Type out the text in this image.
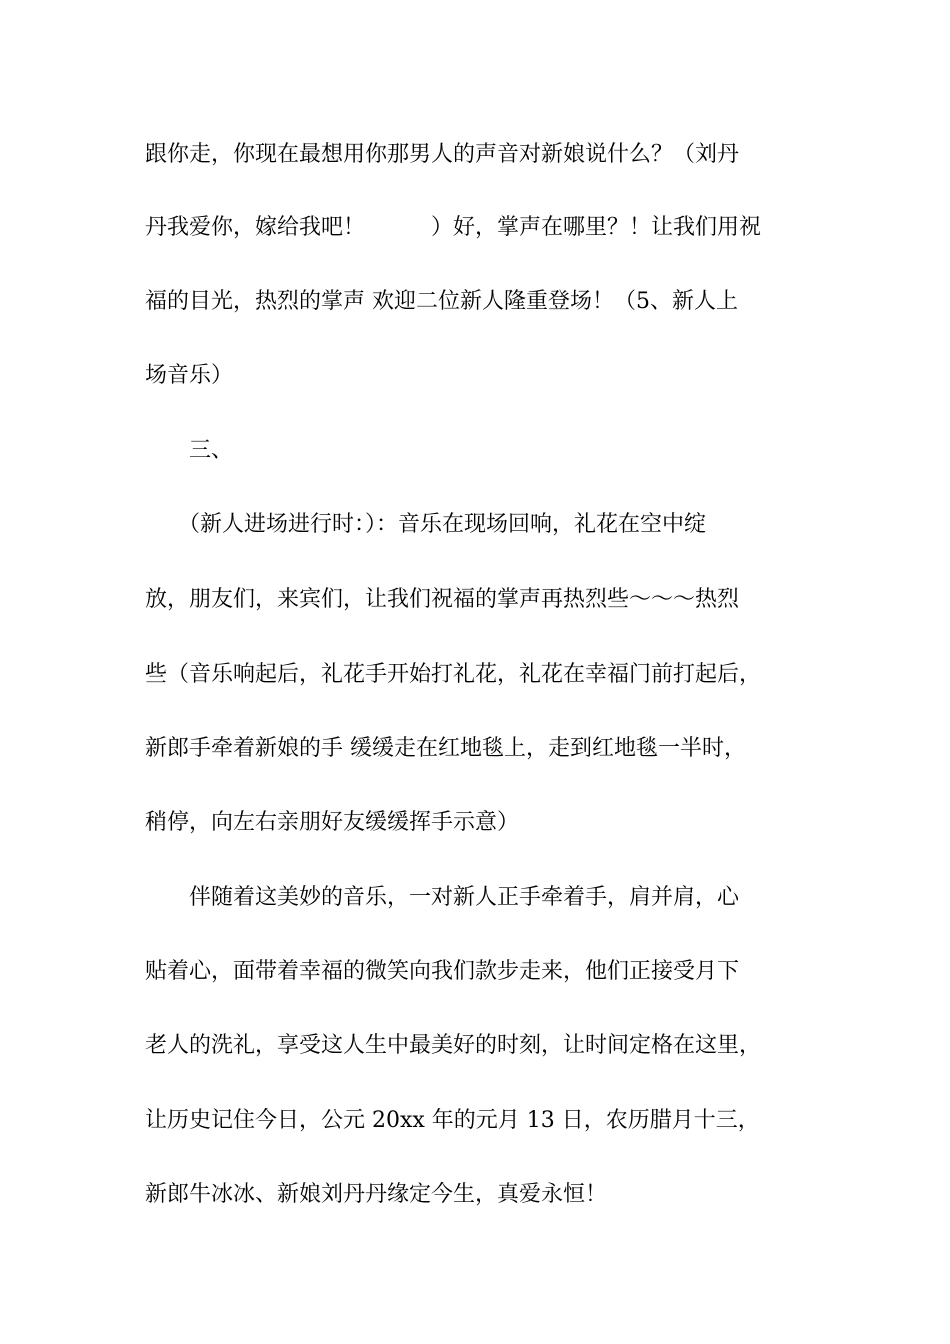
跟你走，你现在最想用你那男人的声音对新娘说什么？（刘丹
丹我爱你，嫁给我吧！　　　）好，掌声在哪里？！让我们用祝
福的目光，热烈的掌声 欢迎二位新人隆重登场！（5、新人上
场音乐）
　　三、
　　（新人进场进行时：）：音乐在现场回响，礼花在空中绽
放，朋友们，来宾们，让我们祝福的掌声再热烈些～～～热烈
些（音乐响起后，礼花手开始打礼花，礼花在幸福门前打起后，
新郎手牵着新娘的手 缓缓走在红地毯上，走到红地毯一半时，
稍停，向左右亲朋好友缓缓挥手示意）
　　伴随着这美妙的音乐，一对新人正手牵着手，肩并肩，心
贴着心，面带着幸福的微笑向我们款步走来，他们正接受月下
老人的洗礼，享受这人生中最美好的时刻，让时间定格在这里，
让历史记住今日，公元 20xx 年的元月 13 日，农历腊月十三，
新郎牛冰冰、新娘刘丹丹缘定今生，真爱永恒！
